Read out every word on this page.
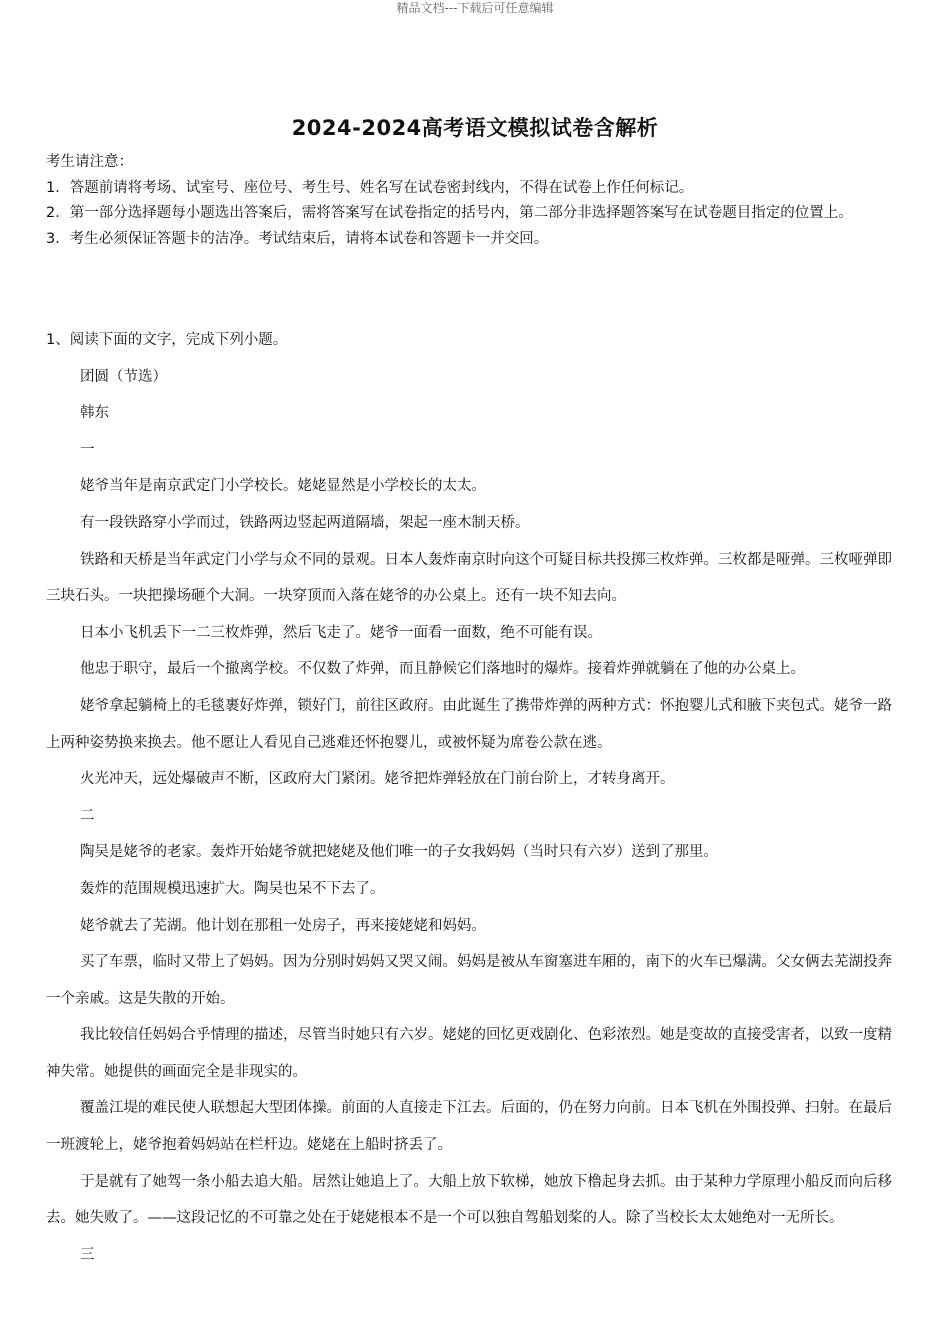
精品文档---下载后可任意编辑
2024-2024高考语文模拟试卷含解析

考生请注意：

1．答题前请将考场、试室号、座位号、考生号、姓名写在试卷密封线内，不得在试卷上作任何标记。

2．第一部分选择题每小题选出答案后，需将答案写在试卷指定的括号内，第二部分非选择题答案写在试卷题目指定的位置上。

3．考生必须保证答题卡的洁净。考试结束后，请将本试卷和答题卡一并交回。

1、阅读下面的文字，完成下列小题。

团圆（节选）

韩东

一

姥爷当年是南京武定门小学校长。姥姥显然是小学校长的太太。

有一段铁路穿小学而过，铁路两边竖起两道隔墙，架起一座木制天桥。

铁路和天桥是当年武定门小学与众不同的景观。日本人轰炸南京时向这个可疑目标共投掷三枚炸弹。三枚都是哑弹。三枚哑弹即三块石头。一块把操场砸个大洞。一块穿顶而入落在姥爷的办公桌上。还有一块不知去向。

日本小飞机丢下一二三枚炸弹，然后飞走了。姥爷一面看一面数，绝不可能有误。

他忠于职守，最后一个撤离学校。不仅数了炸弹，而且静候它们落地时的爆炸。接着炸弹就躺在了他的办公桌上。

姥爷拿起躺椅上的毛毯裹好炸弹，锁好门，前往区政府。由此诞生了携带炸弹的两种方式：怀抱婴儿式和腋下夹包式。姥爷一路上两种姿势换来换去。他不愿让人看见自己逃难还怀抱婴儿，或被怀疑为席卷公款在逃。

火光冲天，远处爆破声不断，区政府大门紧闭。姥爷把炸弹轻放在门前台阶上，才转身离开。

二

陶吴是姥爷的老家。轰炸开始姥爷就把姥姥及他们唯一的子女我妈妈（当时只有六岁）送到了那里。

轰炸的范围规模迅速扩大。陶吴也呆不下去了。

姥爷就去了芜湖。他计划在那租一处房子，再来接姥姥和妈妈。

买了车票，临时又带上了妈妈。因为分别时妈妈又哭又闹。妈妈是被从车窗塞进车厢的，南下的火车已爆满。父女俩去芜湖投奔一个亲戚。这是失散的开始。

我比较信任妈妈合乎情理的描述，尽管当时她只有六岁。姥姥的回忆更戏剧化、色彩浓烈。她是变故的直接受害者，以致一度精神失常。她提供的画面完全是非现实的。

覆盖江堤的难民使人联想起大型团体操。前面的人直接走下江去。后面的，仍在努力向前。日本飞机在外围投弹、扫射。在最后一班渡轮上，姥爷抱着妈妈站在栏杆边。姥姥在上船时挤丢了。

于是就有了她驾一条小船去追大船。居然让她追上了。大船上放下软梯，她放下橹起身去抓。由于某种力学原理小船反而向后移去。她失败了。——这段记忆的不可靠之处在于姥姥根本不是一个可以独自驾船划桨的人。除了当校长太太她绝对一无所长。

三
